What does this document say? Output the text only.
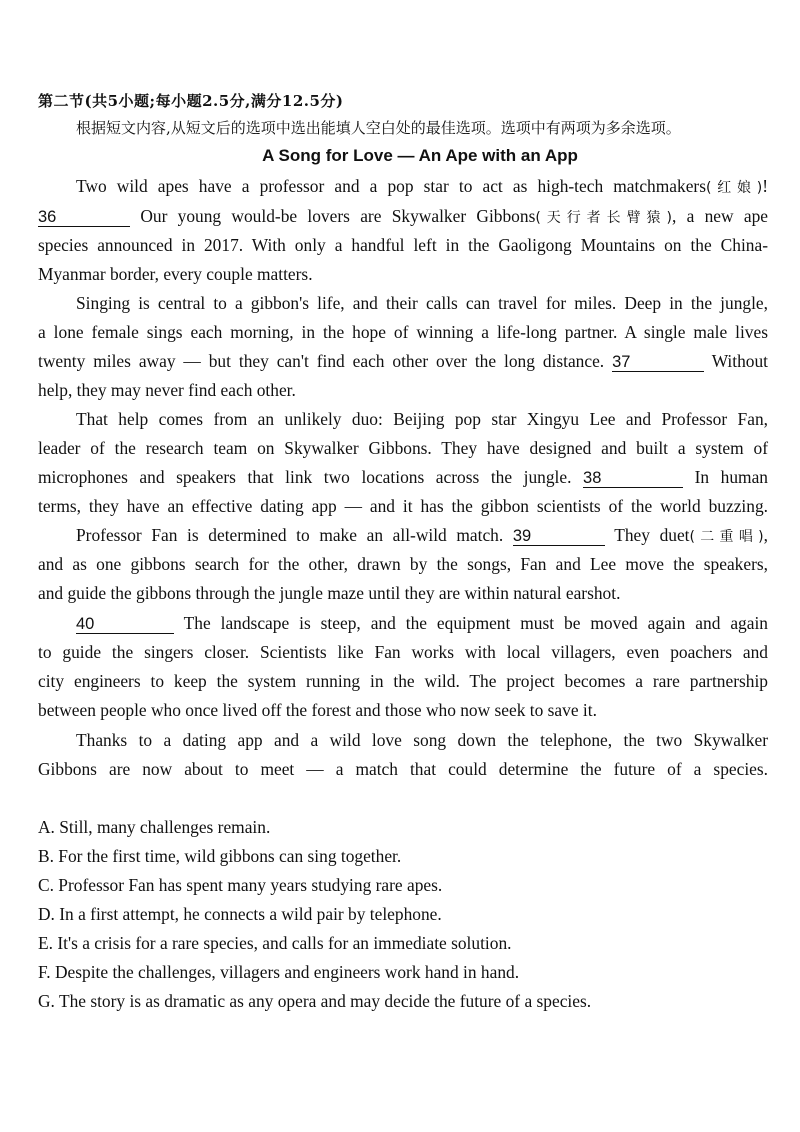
第二节(共5小题;每小题2.5分,满分12.5分)
根据短文内容,从短文后的选项中选出能填人空白处的最佳选项。选项中有两项为多余选项。
A Song for Love — An Ape with an App
Two wild apes have a professor and a pop star to act as high-tech matchmakers(红娘)!
36	Our young would-be lovers are Skywalker Gibbons(天行者长臂猿), a new ape
species announced in 2017. With only a handful left in the Gaoligong Mountains on the China-
Myanmar border, every couple matters.
Singing is central to a gibbon's life, and their calls can travel for miles. Deep in the jungle,
a lone female sings each morning, in the hope of winning a life-long partner. A single male lives
twenty miles away — but they can't find each other over the long distance. 37	Without
help, they may never find each other.
That help comes from an unlikely duo: Beijing pop star Xingyu Lee and Professor Fan,
leader of the research team on Skywalker Gibbons. They have designed and built a system of
microphones and speakers that link two locations across the jungle. 38	In human
terms, they have an effective dating app — and it has the gibbon scientists of the world buzzing.
Professor Fan is determined to make an all-wild match. 39	They duet(二重唱),
and as one gibbons search for the other, drawn by the songs, Fan and Lee move the speakers,
and guide the gibbons through the jungle maze until they are within natural earshot.
40	The landscape is steep, and the equipment must be moved again and again
to guide the singers closer. Scientists like Fan works with local villagers, even poachers and
city engineers to keep the system running in the wild. The project becomes a rare partnership
between people who once lived off the forest and those who now seek to save it.
Thanks to a dating app and a wild love song down the telephone, the two Skywalker
Gibbons are now about to meet — a match that could determine the future of a species.
A. Still, many challenges remain.
B. For the first time, wild gibbons can sing together.
C. Professor Fan has spent many years studying rare apes.
D. In a first attempt, he connects a wild pair by telephone.
E. It's a crisis for a rare species, and calls for an immediate solution.
F. Despite the challenges, villagers and engineers work hand in hand.
G. The story is as dramatic as any opera and may decide the future of a species.
